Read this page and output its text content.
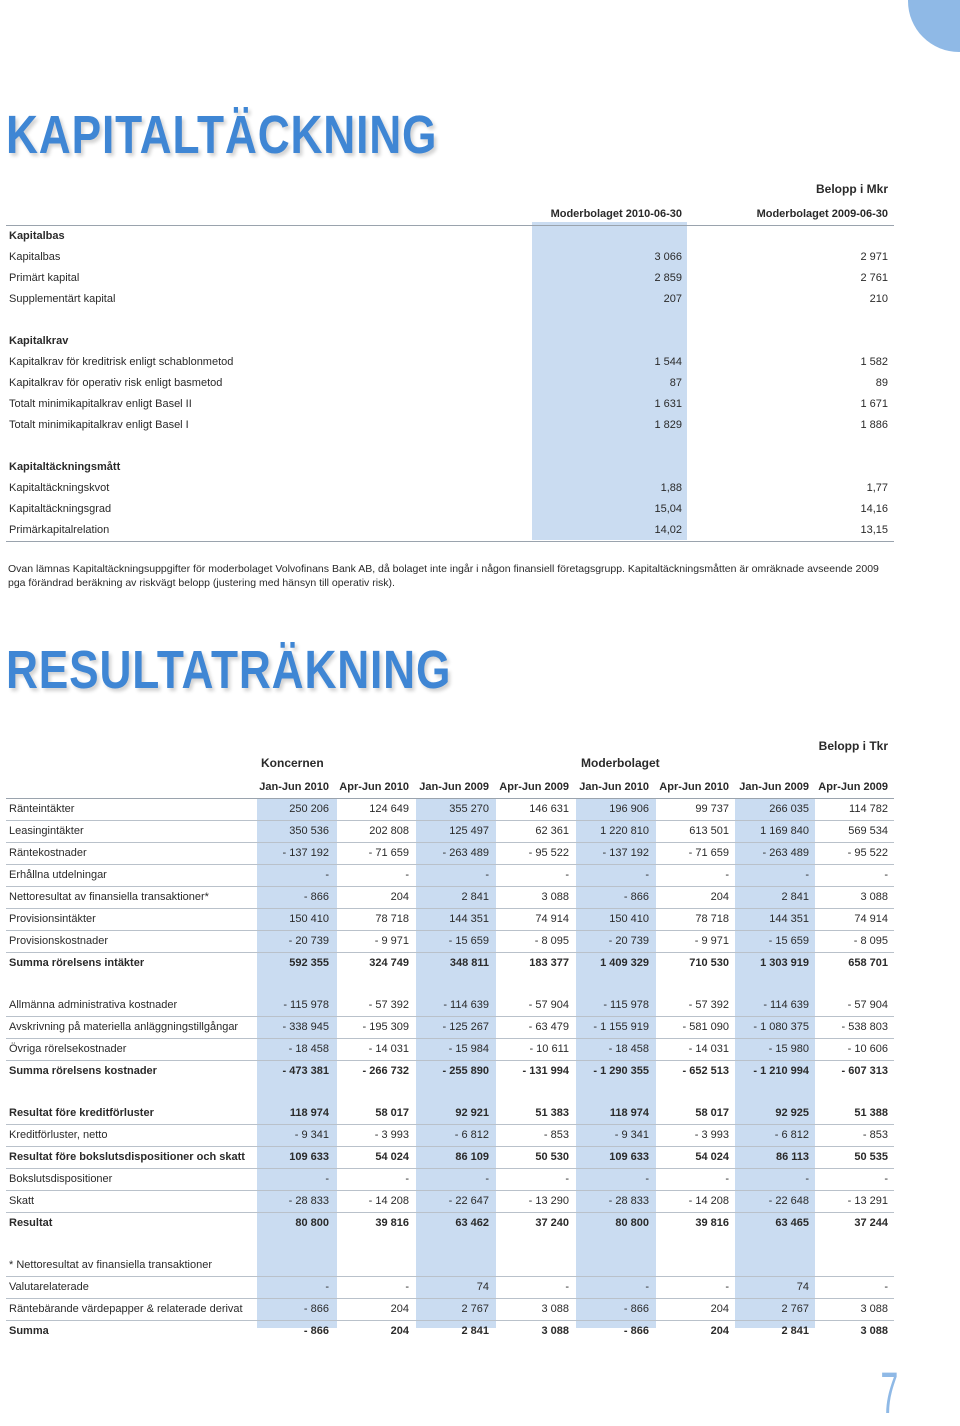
KAPITALTÄCKNING
Belopp i Mkr
Moderbolaget 2010-06-30	Moderbolaget 2009-06-30
Kapitalbas
Kapitalbas	3 066	2 971
Primärt kapital	2 859	2 761
Supplementärt kapital	207	210
Kapitalkrav
Kapitalkrav för kreditrisk enligt schablonmetod	1 544	1 582
Kapitalkrav för operativ risk enligt basmetod	87	89
Totalt minimikapitalkrav enligt Basel II	1 631	1 671
Totalt minimikapitalkrav enligt Basel I	1 829	1 886
Kapitaltäckningsmått
Kapitaltäckningskvot	1,88	1,77
Kapitaltäckningsgrad	15,04	14,16
Primärkapitalrelation	14,02	13,15

Ovan lämnas Kapitaltäckningsuppgifter för moderbolaget Volvofinans Bank AB, då bolaget inte ingår i någon finansiell företagsgrupp. Kapitaltäckningsmåtten är omräknade avseende 2009 pga förändrad beräkning av riskvägt belopp (justering med hänsyn till operativ risk).

RESULTATRÄKNING
Belopp i Tkr
Koncernen	Moderbolaget
Jan-Jun 2010 Apr-Jun 2010 Jan-Jun 2009 Apr-Jun 2009 Jan-Jun 2010 Apr-Jun 2010 Jan-Jun 2009 Apr-Jun 2009
Ränteintäkter	250 206	124 649	355 270	146 631	196 906	99 737	266 035	114 782
Leasingintäkter	350 536	202 808	125 497	62 361	1 220 810	613 501	1 169 840	569 534
Räntekostnader	- 137 192	- 71 659	- 263 489	- 95 522	- 137 192	- 71 659	- 263 489	- 95 522
Erhållna utdelningar	-	-	-	-	-	-	-	-
Nettoresultat av finansiella transaktioner*	- 866	204	2 841	3 088	- 866	204	2 841	3 088
Provisionsintäkter	150 410	78 718	144 351	74 914	150 410	78 718	144 351	74 914
Provisionskostnader	- 20 739	- 9 971	- 15 659	- 8 095	- 20 739	- 9 971	- 15 659	- 8 095
Summa rörelsens intäkter	592 355	324 749	348 811	183 377	1 409 329	710 530	1 303 919	658 701
Allmänna administrativa kostnader	- 115 978	- 57 392	- 114 639	- 57 904	- 115 978	- 57 392	- 114 639	- 57 904
Avskrivning på materiella anläggningstillgångar	- 338 945	- 195 309	- 125 267	- 63 479	- 1 155 919	- 581 090	- 1 080 375	- 538 803
Övriga rörelsekostnader	- 18 458	- 14 031	- 15 984	- 10 611	- 18 458	- 14 031	- 15 980	- 10 606
Summa rörelsens kostnader	- 473 381	- 266 732	- 255 890	- 131 994	- 1 290 355	- 652 513	- 1 210 994	- 607 313
Resultat före kreditförluster	118 974	58 017	92 921	51 383	118 974	58 017	92 925	51 388
Kreditförluster, netto	- 9 341	- 3 993	- 6 812	- 853	- 9 341	- 3 993	- 6 812	- 853
Resultat före bokslutsdispositioner och skatt	109 633	54 024	86 109	50 530	109 633	54 024	86 113	50 535
Bokslutsdispositioner	-	-	-	-	-	-	-	-
Skatt	- 28 833	- 14 208	- 22 647	- 13 290	- 28 833	- 14 208	- 22 648	- 13 291
Resultat	80 800	39 816	63 462	37 240	80 800	39 816	63 465	37 244
* Nettoresultat av finansiella transaktioner
Valutarelaterade	-	-	74	-	-	-	74	-
Räntebärande värdepapper & relaterade derivat	- 866	204	2 767	3 088	- 866	204	2 767	3 088
Summa	- 866	204	2 841	3 088	- 866	204	2 841	3 088
7
